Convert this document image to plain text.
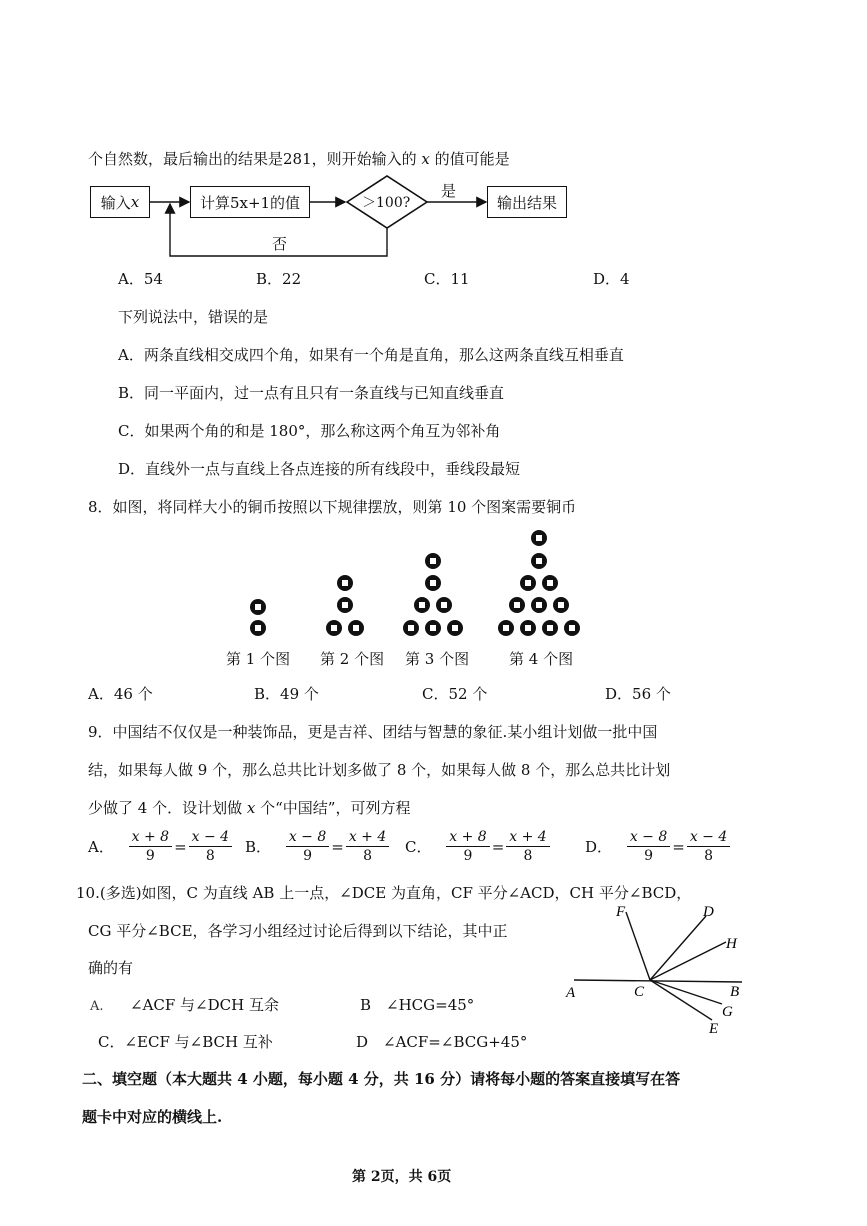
个自然数，最后输出的结果是281，则开始输入的 x 的值可能是
输入 x	计算5x+1的值	＞100?
是
否
输出结果
A．54	B．22	C．11	D．4
下列说法中，错误的是
A．两条直线相交成四个角，如果有一个角是直角，那么这两条直线互相垂直
B．同一平面内，过一点有且只有一条直线与已知直线垂直
C．如果两个角的和是 180°，那么称这两个角互为邻补角
D．直线外一点与直线上各点连接的所有线段中，垂线段最短
8．如图，将同样大小的铜币按照以下规律摆放，则第 10 个图案需要铜币
第 1 个图 第 2 个图 第 3 个图	第 4 个图
A．46 个	B．49 个	C．52 个	D．56 个
9．中国结不仅仅是一种装饰品，更是吉祥、团结与智慧的象征.某小组计划做一批中国
结，如果每人做 9 个，那么总共比计划多做了 8 个，如果每人做 8 个，那么总共比计划
少做了 4 个．设计划做 x 个“中国结”，可列方程
A． $\frac{x + 8}{9} = \frac{x - 4}{8}$ B． $\frac{x - 8}{9} = \frac{x + 4}{8}$ C． $\frac{x + 8}{9} = \frac{x + 4}{8}$ D． $\frac{x - 8}{9} = \frac{x - 4}{8}$
10.(多选)如图，C 为直线 AB 上一点，∠DCE 为直角，CF 平分∠ACD，CH 平分∠BCD，
CG 平分∠BCE，各学习小组经过讨论后得到以下结论，其中正
确的有
A. ∠ACF 与∠DCH 互余	B　∠HCG=45°
C．∠ECF 与∠BCH 互补	D　∠ACF=∠BCG+45°
F	D
H
B
A	C
G
E
二、填空题（本大题共 4 小题，每小题 4 分，共 16 分）请将每小题的答案直接填写在答
题卡中对应的横线上.
第 2页，共 6页
